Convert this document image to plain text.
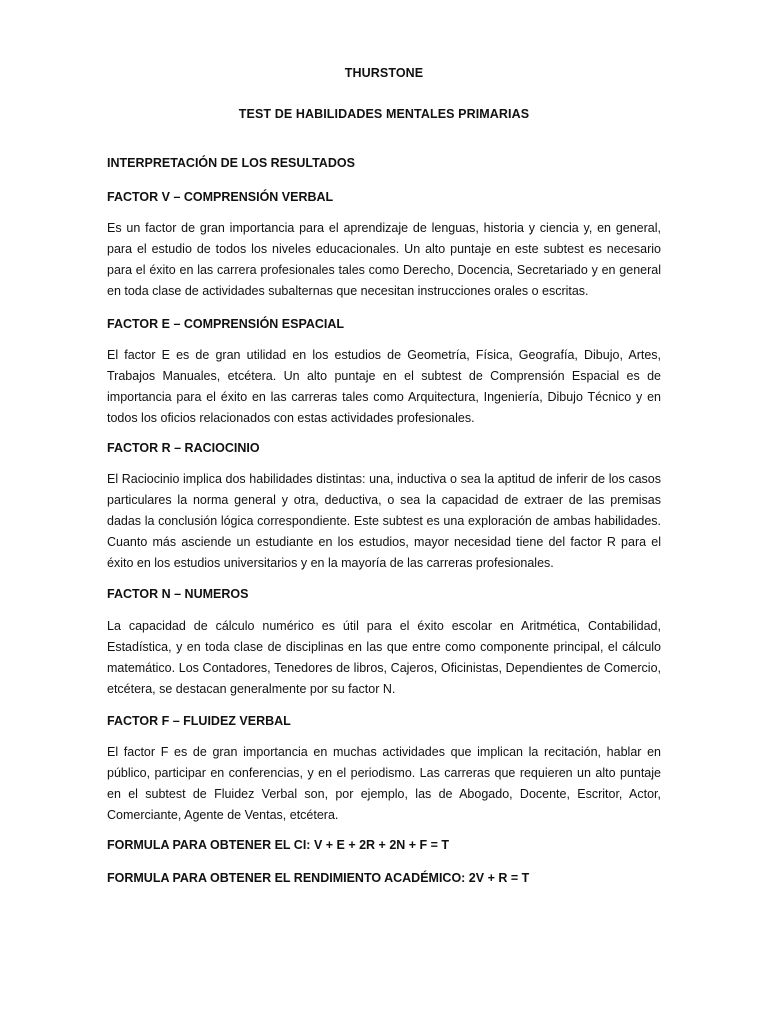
THURSTONE
TEST DE HABILIDADES MENTALES PRIMARIAS
INTERPRETACIÓN DE LOS RESULTADOS
FACTOR V – COMPRENSIÓN VERBAL
Es un factor de gran importancia para el aprendizaje de lenguas, historia y ciencia y, en general,
para el estudio de todos los niveles educacionales. Un alto puntaje en este subtest es necesario
para el éxito en las carrera profesionales tales como Derecho, Docencia, Secretariado y en general
en toda clase de actividades subalternas que necesitan instrucciones orales o escritas.
FACTOR E – COMPRENSIÓN ESPACIAL
El factor E es de gran utilidad en los estudios de Geometría, Física, Geografía, Dibujo, Artes,
Trabajos Manuales, etcétera. Un alto puntaje en el subtest de Comprensión Espacial es de
importancia para el éxito en las carreras tales como Arquitectura, Ingeniería, Dibujo Técnico y en
todos los oficios relacionados con estas actividades profesionales.
FACTOR R – RACIOCINIO
El Raciocinio implica dos habilidades distintas: una, inductiva o sea la aptitud de inferir de los casos
particulares la norma general y otra, deductiva, o sea la capacidad de extraer de las premisas
dadas la conclusión lógica correspondiente. Este subtest es una exploración de ambas habilidades.
Cuanto más asciende un estudiante en los estudios, mayor necesidad tiene del factor R para el
éxito en los estudios universitarios y en la mayoría de las carreras profesionales.
FACTOR N – NUMEROS
La capacidad de cálculo numérico es útil para el éxito escolar en Aritmética, Contabilidad,
Estadística, y en toda clase de disciplinas en las que entre como componente principal, el cálculo
matemático. Los Contadores, Tenedores de libros, Cajeros, Oficinistas, Dependientes de Comercio,
etcétera, se destacan generalmente por su factor N.
FACTOR F – FLUIDEZ VERBAL
El factor F es de gran importancia en muchas actividades que implican la recitación, hablar en
público, participar en conferencias, y en el periodismo. Las carreras que requieren un alto puntaje
en el subtest de Fluidez Verbal son, por ejemplo, las de Abogado, Docente, Escritor, Actor,
Comerciante, Agente de Ventas, etcétera.
FORMULA PARA OBTENER EL CI: V + E + 2R + 2N + F = T
FORMULA PARA OBTENER EL RENDIMIENTO ACADÉMICO: 2V + R = T
